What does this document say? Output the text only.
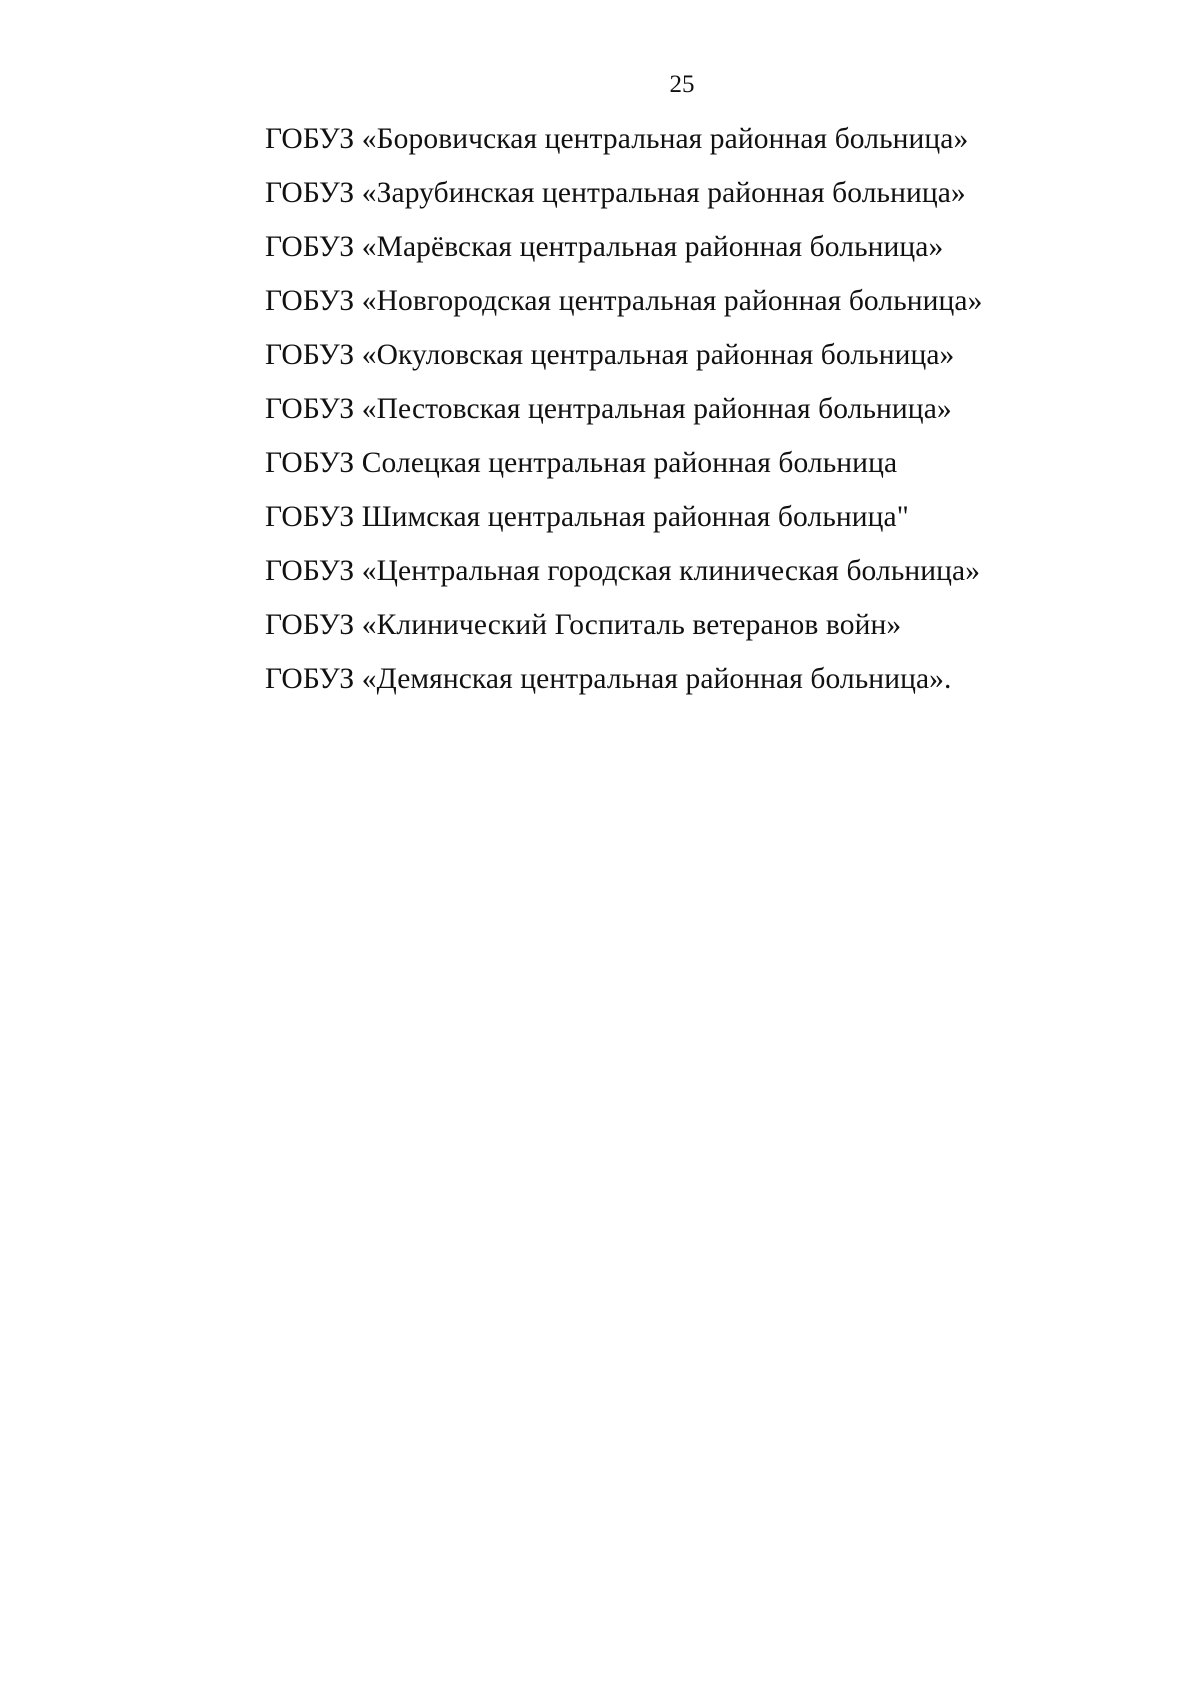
25
ГОБУЗ «Боровичская центральная районная больница»
ГОБУЗ «Зарубинская центральная районная больница»
ГОБУЗ «Марёвская центральная районная больница»
ГОБУЗ «Новгородская центральная районная больница»
ГОБУЗ «Окуловская центральная районная больница»
ГОБУЗ «Пестовская центральная районная больница»
ГОБУЗ Солецкая центральная районная больница
ГОБУЗ Шимская центральная районная больница"
ГОБУЗ «Центральная городская клиническая больница»
ГОБУЗ «Клинический Госпиталь ветеранов войн»
ГОБУЗ «Демянская центральная районная больница».
